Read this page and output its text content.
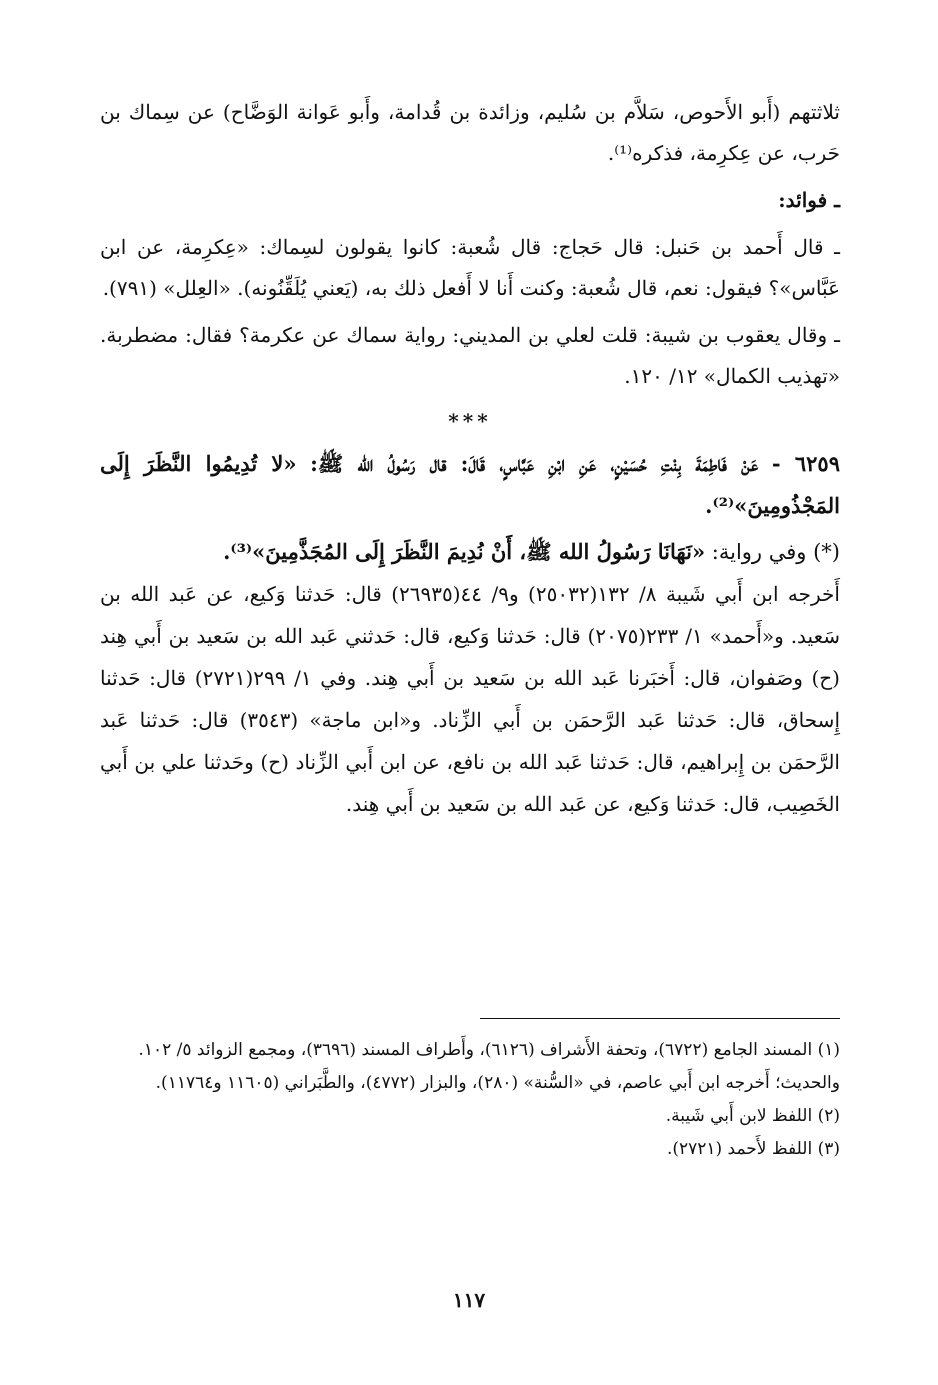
ثلاثتهم (أَبو الأَحوص، سَلاَّم بن سُليم، وزائدة بن قُدامة، وأَبو عَوانة الوَضَّاح) عن سِماك بن حَرب، عن عِكرِمة، فذكره⁽¹⁾.

ـ فوائد:

ـ قال أَحمد بن حَنبل: قال حَجاج: قال شُعبة: كانوا يقولون لسِماك: «عِكرِمة، عن ابن عَبَّاس»؟ فيقول: نعم، قال شُعبة: وكنت أَنا لا أَفعل ذلك به، (يَعني يُلَقِّنُونه). «العِلل» (٧٩١).

ـ وقال يعقوب بن شيبة: قلت لعلي بن المديني: رواية سماك عن عكرمة؟ فقال: مضطربة. «تهذيب الكمال» ١٢/ ١٢٠.

***

٦٢٥٩ - عَنْ فَاطِمَةَ بِنْتِ حُسَيْنٍ، عَنِ ابْنِ عَبَّاسٍ، قَالَ: قال رَسُولُ الله ﷺ: «لا تُدِيمُوا النَّظَرَ إِلَى المَجْذُومِينَ»⁽²⁾.

(*) وفي رواية: «نَهَانَا رَسُولُ الله ﷺ، أَنْ نُدِيمَ النَّظَرَ إِلَى المُجَذَّمِينَ»⁽³⁾.

أَخرجه ابن أَبي شَيبة ٨/ ١٣٢(٢٥٠٣٢) و٩/ ٤٤(٢٦٩٣٥) قال: حَدثنا وَكيع، عن عَبد الله بن سَعيد. و«أَحمد» ١/ ٢٣٣(٢٠٧٥) قال: حَدثنا وَكيع، قال: حَدثني عَبد الله بن سَعيد بن أَبي هِند (ح) وصَفوان، قال: أَخبَرنا عَبد الله بن سَعيد بن أَبي هِند. وفي ١/ ٢٩٩(٢٧٢١) قال: حَدثنا إِسحاق، قال: حَدثنا عَبد الرَّحمَن بن أَبي الزِّناد. و«ابن ماجة» (٣٥٤٣) قال: حَدثنا عَبد الرَّحمَن بن إِبراهيم، قال: حَدثنا عَبد الله بن نافع، عن ابن أَبي الزِّناد (ح) وحَدثنا علي بن أَبي الخَصِيب، قال: حَدثنا وَكيع، عن عَبد الله بن سَعيد بن أَبي هِند.

(١) المسند الجامع (٦٧٢٢)، وتحفة الأَشراف (٦١٢٦)، وأَطراف المسند (٣٦٩٦)، ومجمع الزوائد ٥/ ١٠٢.

والحديث؛ أَخرجه ابن أَبي عاصم، في «السُّنة» (٢٨٠)، والبزار (٤٧٧٢)، والطَّبَراني (١١٦٠٥ و١١٧٦٤).

(٢) اللفظ لابن أَبي شَيبة.

(٣) اللفظ لأَحمد (٢٧٢١).

١١٧
